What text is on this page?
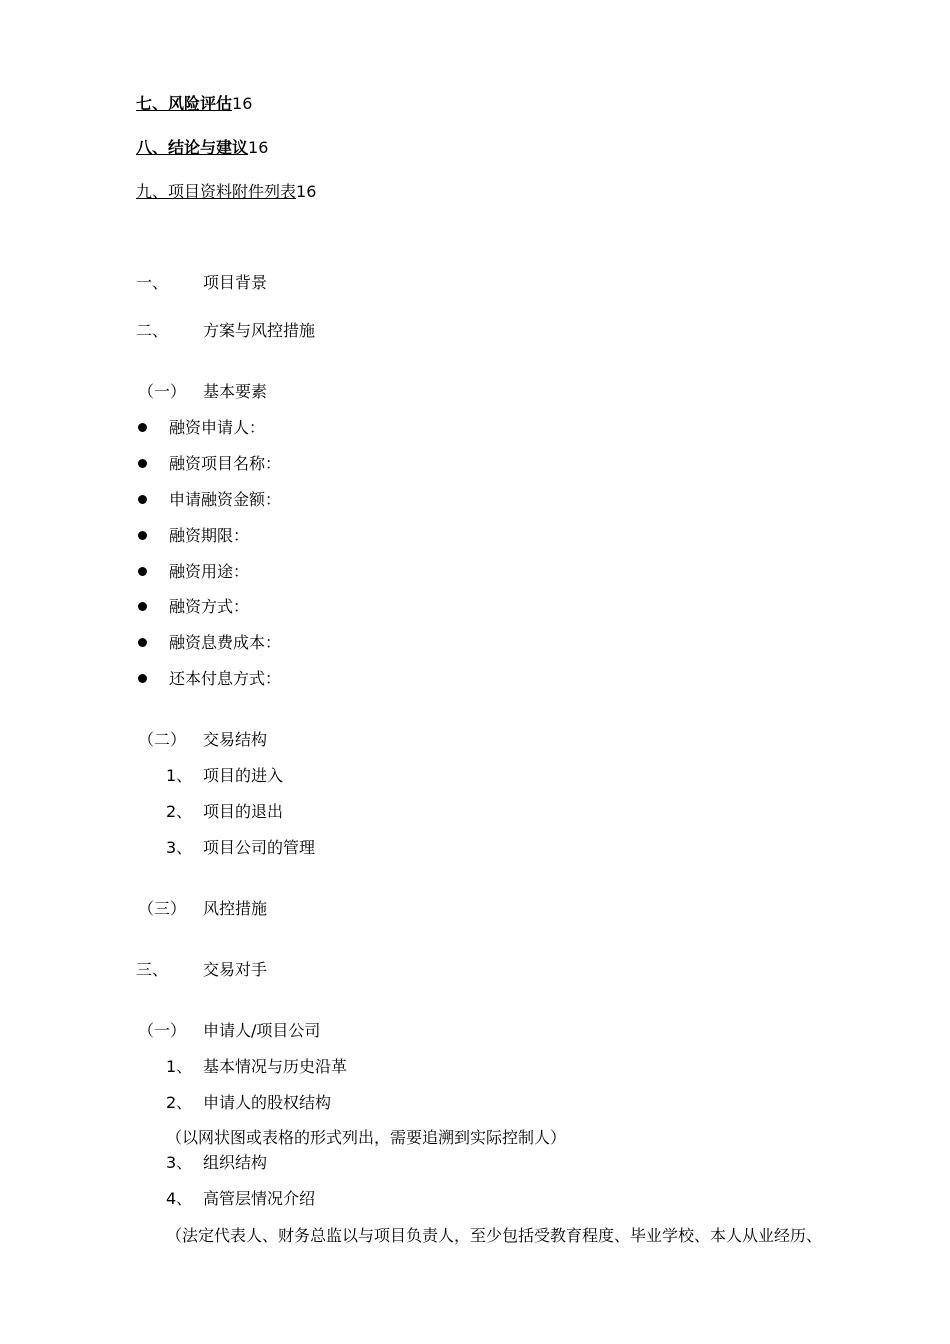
七、风险评估16
八、结论与建议16
九、项目资料附件列表16
一、 项目背景
二、 方案与风控措施
（一） 基本要素
融资申请人：
融资项目名称：
申请融资金额：
融资期限：
融资用途：
融资方式：
融资息费成本：
还本付息方式：
（二） 交易结构
1、 项目的进入
2、 项目的退出
3、 项目公司的管理
（三） 风控措施
三、 交易对手
（一） 申请人/项目公司
1、 基本情况与历史沿革
2、 申请人的股权结构
（以网状图或表格的形式列出，需要追溯到实际控制人）
3、 组织结构
4、 高管层情况介绍
（法定代表人、财务总监以与项目负责人，至少包括受教育程度、毕业学校、本人从业经历、
